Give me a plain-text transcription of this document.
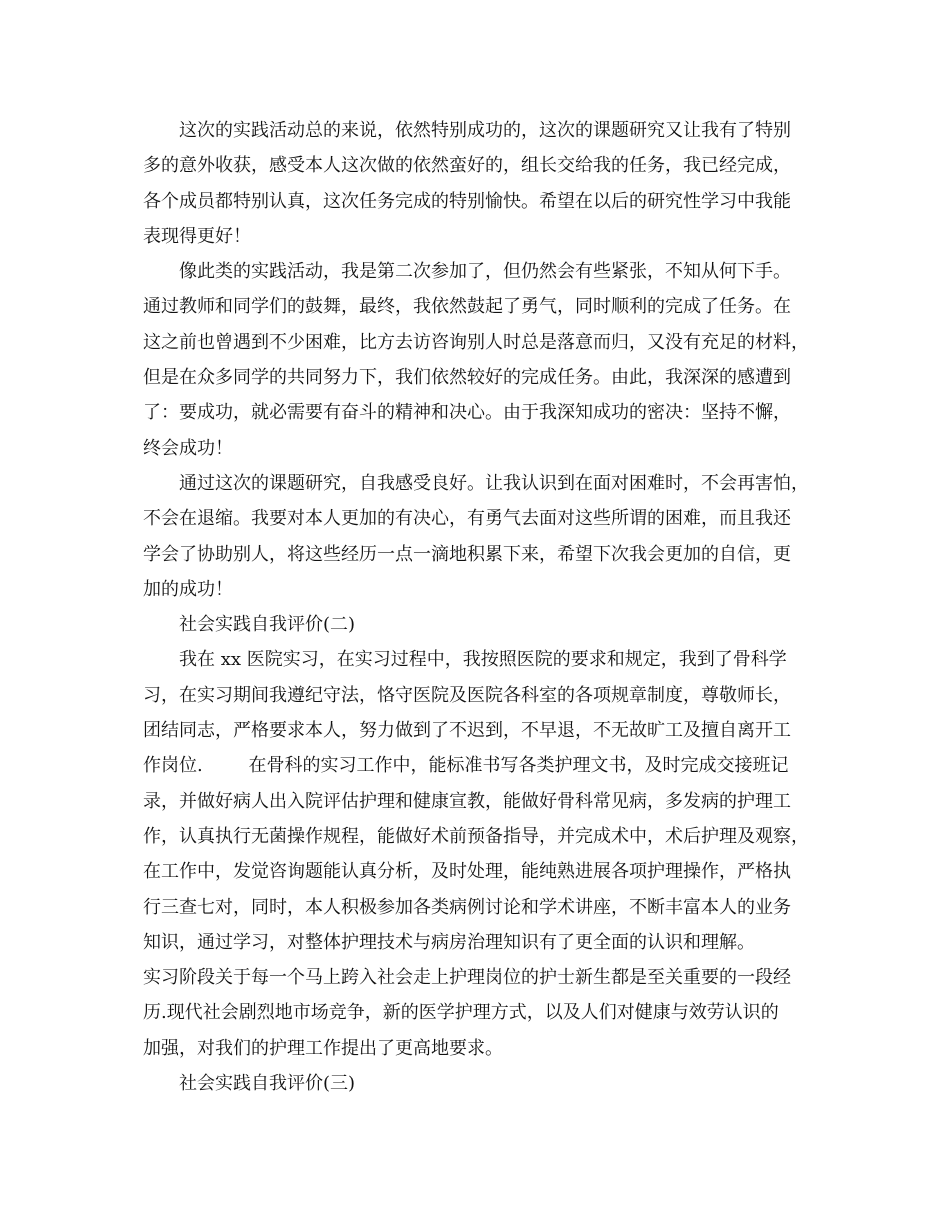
这次的实践活动总的来说，依然特别成功的，这次的课题研究又让我有了特别
多的意外收获，感受本人这次做的依然蛮好的，组长交给我的任务，我已经完成，
各个成员都特别认真，这次任务完成的特别愉快。希望在以后的研究性学习中我能
表现得更好！
像此类的实践活动，我是第二次参加了，但仍然会有些紧张，不知从何下手。
通过教师和同学们的鼓舞，最终，我依然鼓起了勇气，同时顺利的完成了任务。在
这之前也曾遇到不少困难，比方去访咨询别人时总是落意而归，又没有充足的材料，
但是在众多同学的共同努力下，我们依然较好的完成任务。由此，我深深的感遭到
了：要成功，就必需要有奋斗的精神和决心。由于我深知成功的密决：坚持不懈，
终会成功！
通过这次的课题研究，自我感受良好。让我认识到在面对困难时，不会再害怕，
不会在退缩。我要对本人更加的有决心，有勇气去面对这些所谓的困难，而且我还
学会了协助别人，将这些经历一点一滴地积累下来，希望下次我会更加的自信，更
加的成功！
社会实践自我评价(二)
我在 xx 医院实习，在实习过程中，我按照医院的要求和规定，我到了骨科学
习，在实习期间我遵纪守法，恪守医院及医院各科室的各项规章制度，尊敬师长，
团结同志，严格要求本人，努力做到了不迟到，不早退，不无故旷工及擅自离开工
作岗位.        在骨科的实习工作中，能标准书写各类护理文书，及时完成交接班记
录，并做好病人出入院评估护理和健康宣教，能做好骨科常见病，多发病的护理工
作，认真执行无菌操作规程，能做好术前预备指导，并完成术中，术后护理及观察，
在工作中，发觉咨询题能认真分析，及时处理，能纯熟进展各项护理操作，严格执
行三查七对，同时，本人积极参加各类病例讨论和学术讲座，不断丰富本人的业务
知识，通过学习，对整体护理技术与病房治理知识有了更全面的认识和理解。
实习阶段关于每一个马上跨入社会走上护理岗位的护士新生都是至关重要的一段经
历.现代社会剧烈地市场竞争，新的医学护理方式，以及人们对健康与效劳认识的
加强，对我们的护理工作提出了更高地要求。
社会实践自我评价(三)
